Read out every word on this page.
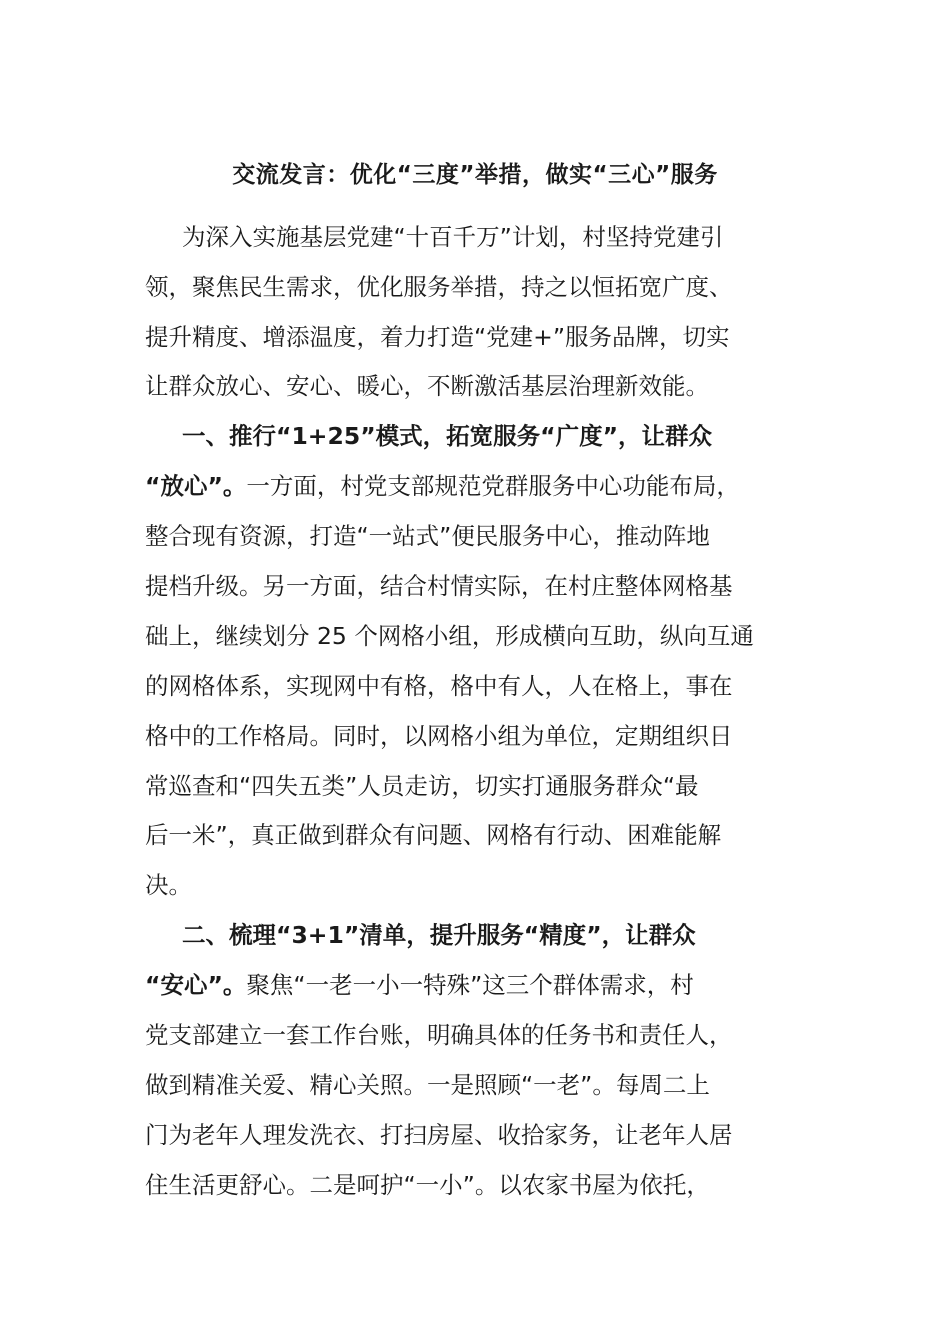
交流发言：优化“三度”举措，做实“三心”服务
为深入实施基层党建“十百千万”计划，村坚持党建引
领，聚焦民生需求，优化服务举措，持之以恒拓宽广度、
提升精度、增添温度，着力打造“党建+”服务品牌，切实
让群众放心、安心、暖心，不断激活基层治理新效能。
一、推行“1+25”模式，拓宽服务“广度”，让群众
“放心”。一方面，村党支部规范党群服务中心功能布局，
整合现有资源，打造“一站式”便民服务中心，推动阵地
提档升级。另一方面，结合村情实际，在村庄整体网格基
础上，继续划分 25 个网格小组，形成横向互助，纵向互通
的网格体系，实现网中有格，格中有人，人在格上，事在
格中的工作格局。同时，以网格小组为单位，定期组织日
常巡查和“四失五类”人员走访，切实打通服务群众“最
后一米”，真正做到群众有问题、网格有行动、困难能解
决。
二、梳理“3+1”清单，提升服务“精度”，让群众
“安心”。聚焦“一老一小一特殊”这三个群体需求，村
党支部建立一套工作台账，明确具体的任务书和责任人，
做到精准关爱、精心关照。一是照顾“一老”。每周二上
门为老年人理发洗衣、打扫房屋、收拾家务，让老年人居
住生活更舒心。二是呵护“一小”。以农家书屋为依托，
